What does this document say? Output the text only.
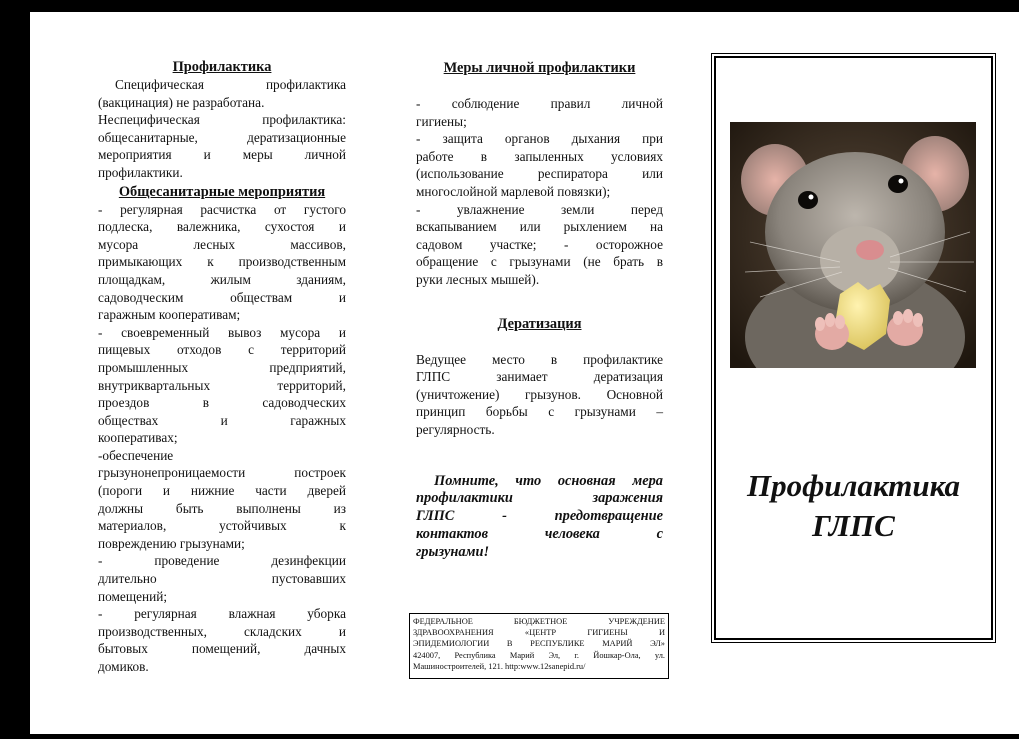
Профилактика

Специфическая профилактика

(вакцинация) не разработана.

Неспецифическая профилактика:

общесанитарные, дератизационные

мероприятия и меры личной

профилактики.

Общесанитарные мероприятия

- регулярная расчистка от густого

подлеска, валежника, сухостоя и

мусора лесных массивов,

примыкающих к производственным

площадкам, жилым зданиям,

садоводческим обществам и

гаражным кооперативам;

- своевременный вывоз мусора и

пищевых отходов с территорий

промышленных предприятий,

внутриквартальных территорий,

проездов в садоводческих

обществах и гаражных

кооперативах;

-обеспечение

грызунонепроницаемости построек

(пороги и нижние части дверей

должны быть выполнены из

материалов, устойчивых к

повреждению грызунами;

- проведение дезинфекции

длительно пустовавших

помещений;

- регулярная влажная уборка

производственных, складских и

бытовых помещений, дачных

домиков.

Меры личной профилактики

- соблюдение правил личной

гигиены;

- защита органов дыхания при

работе в запыленных условиях

(использование респиратора или

многослойной марлевой повязки);

- увлажнение земли перед

вскапыванием или рыхлением на

садовом участке; - осторожное

обращение с грызунами (не брать в

руки лесных мышей).

Дератизация

Ведущее место в профилактике

ГЛПС занимает дератизация

(уничтожение) грызунов. Основной

принцип борьбы с грызунами –

регулярность.

Помните, что основная мера

профилактики заражения

ГЛПС - предотвращение

контактов человека с

грызунами!

ФЕДЕРАЛЬНОЕ БЮДЖЕТНОЕ УЧРЕЖДЕНИЕ

ЗДРАВООХРАНЕНИЯ «ЦЕНТР ГИГИЕНЫ И

ЭПИДЕМИОЛОГИИ В РЕСПУБЛИКЕ МАРИЙ ЭЛ»

424007, Республика Марий Эл, г. Йошкар-Ола, ул.

Машиностроителей, 121. http:www.12sanepid.ru/

Профилактика
ГЛПС
